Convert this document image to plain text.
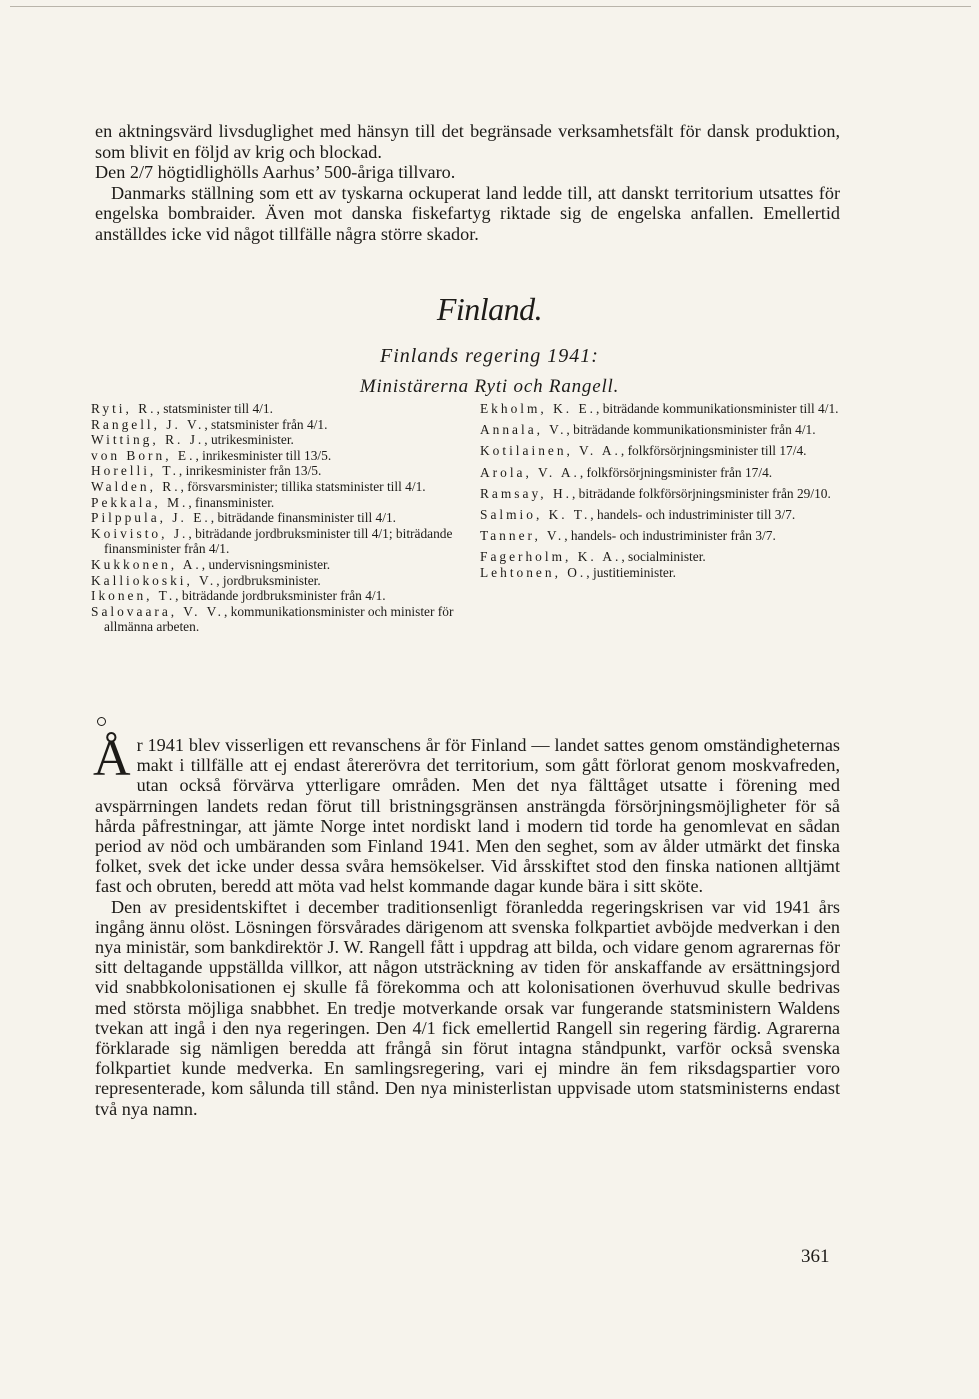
en aktningsvärd livsduglighet med hänsyn till det begränsade verksamhetsfält för dansk produktion, som blivit en följd av krig och blockad.

Den 2/7 högtidlighölls Aarhus’ 500-åriga tillvaro.

Danmarks ställning som ett av tyskarna ockuperat land ledde till, att danskt territorium utsattes för engelska bombraider. Även mot danska fiskefartyg riktade sig de engelska anfallen. Emellertid anställdes icke vid något tillfälle några större skador.

Finland.
Finlands regering 1941:
Ministärerna Ryti och Rangell.
Ryti, R., statsminister till 4/1.
Rangell, J. V., statsminister från 4/1.
Witting, R. J., utrikesminister.
von Born, E., inrikesminister till 13/5.
Horelli, T., inrikesminister från 13/5.
Walden, R., försvarsminister; tillika statsminister till 4/1.
Pekkala, M., finansminister.
Pilppula, J. E., biträdande finansminister till 4/1.
Koivisto, J., biträdande jordbruksminister till 4/1; biträdande finansminister från 4/1.
Kukkonen, A., undervisningsminister.
Kalliokoski, V., jordbruksminister.
Ikonen, T., biträdande jordbruksminister från 4/1.
Salovaara, V. V., kommunikationsminister och minister för allmänna arbeten.
Ekholm, K. E., biträdande kommunikationsminister till 4/1.
Annala, V., biträdande kommunikationsminister från 4/1.
Kotilainen, V. A., folkförsörjningsminister till 17/4.
Arola, V. A., folkförsörjningsminister från 17/4.
Ramsay, H., biträdande folkförsörjningsminister från 29/10.
Salmio, K. T., handels- och industriminister till 3/7.
Tanner, V., handels- och industriminister från 3/7.
Fagerholm, K. A., socialminister.
Lehtonen, O., justitieminister.

År 1941 blev visserligen ett revanschens år för Finland — landet sattes genom omständigheternas makt i tillfälle att ej endast återerövra det territorium, som gått förlorat genom moskvafreden, utan också förvärva ytterligare områden. Men det nya fälttåget utsatte i förening med avspärrningen landets redan förut till bristningsgränsen ansträngda försörjningsmöjligheter för så hårda påfrestningar, att jämte Norge intet nordiskt land i modern tid torde ha genomlevat en sådan period av nöd och umbäranden som Finland 1941. Men den seghet, som av ålder utmärkt det finska folket, svek det icke under dessa svåra hemsökelser. Vid årsskiftet stod den finska nationen alltjämt fast och obruten, beredd att möta vad helst kommande dagar kunde bära i sitt sköte.

Den av presidentskiftet i december traditionsenligt föranledda regeringskrisen var vid 1941 års ingång ännu olöst. Lösningen försvårades därigenom att svenska folkpartiet avböjde medverkan i den nya ministär, som bankdirektör J. W. Rangell fått i uppdrag att bilda, och vidare genom agrarernas för sitt deltagande uppställda villkor, att någon utsträckning av tiden för anskaffande av ersättningsjord vid snabbkolonisationen ej skulle få förekomma och att kolonisationen överhuvud skulle bedrivas med största möjliga snabbhet. En tredje motverkande orsak var fungerande statsministern Waldens tvekan att ingå i den nya regeringen. Den 4/1 fick emellertid Rangell sin regering färdig. Agrarerna förklarade sig nämligen beredda att frångå sin förut intagna ståndpunkt, varför också svenska folkpartiet kunde medverka. En samlingsregering, vari ej mindre än fem riksdagspartier voro representerade, kom sålunda till stånd. Den nya ministerlistan uppvisade utom statsministerns endast två nya namn.

361
